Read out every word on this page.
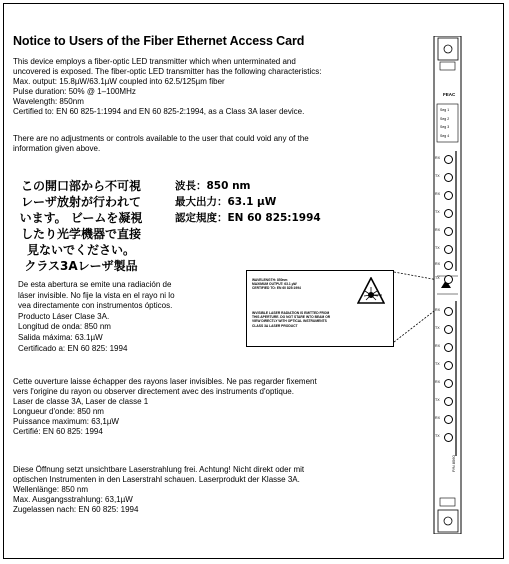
Notice to Users of the Fiber Ethernet Access Card
This device employs a fiber-optic LED transmitter which when unterminated and
uncovered is exposed. The fiber-optic LED transmitter has the following characteristics:
Max. output: 15.8µW/63.1µW coupled into 62.5/125µm fiber
Pulse duration: 50% @ 1–100MHz
Wavelength: 850nm
Certified to: EN 60 825-1:1994 and EN 60 825-2:1994, as a Class 3A laser device.
There are no adjustments or controls available to the user that could void any of the
information given above.
この開口部から不可視
レーザ放射が行われて
います。 ビームを凝視
したり光学機器で直接
見ないでください。
クラス3Aレーザ製品
波長：850 nm
最大出力：63.1 µW
認定規度：EN 60 825:1994
De esta abertura se emite una radiación de
láser invisible. No fije la vista en el rayo ni lo
vea directamente con instrumentos ópticos.
Producto Láser Clase 3A.
Longitud de onda: 850 nm
Salida máxima: 63.1µW
Certificado a: EN 60 825: 1994
WAVELENGTH: 850nm
MAXIMUM OUTPUT: 63.1 µW
CERTIFIED TO: EN 60 825:1994
INVISIBLE LASER RADIATION IS EMITTED FROM
THIS APERTURE. DO NOT STARE INTO BEAM OR
VIEW DIRECTLY WITH OPTICAL INSTRUMENTS
CLASS 3A LASER PRODUCT
Cette ouverture laisse échapper des rayons laser invisibles. Ne pas regarder fixement
vers l'origine du rayon ou observer directement avec des instruments d'optique.
Laser de classe 3A, Laser de classe 1
Longueur d'onde: 850 nm
Puissance maximum: 63,1µW
Certifié: EN 60 825: 1994
Diese Öffnung setzt unsichtbare Laserstrahlung frei. Achtung! Nicht direkt oder mit
optischen Instrumenten in den Laserstrahl schauen. Laserprodukt der Klasse 3A.
Wellenlänge: 850 nm
Max. Ausgangsstrahlung: 63,1µW
Zugelassen nach: EN 60 825: 1994
FEAC
Seg 1
Seg 2
Seg 3
Seg 4
RX
TX
RX
TX
RX
TX
RX
TX
RX
TX
RX
TX
RX
TX
RX
TX
P/N 8560
